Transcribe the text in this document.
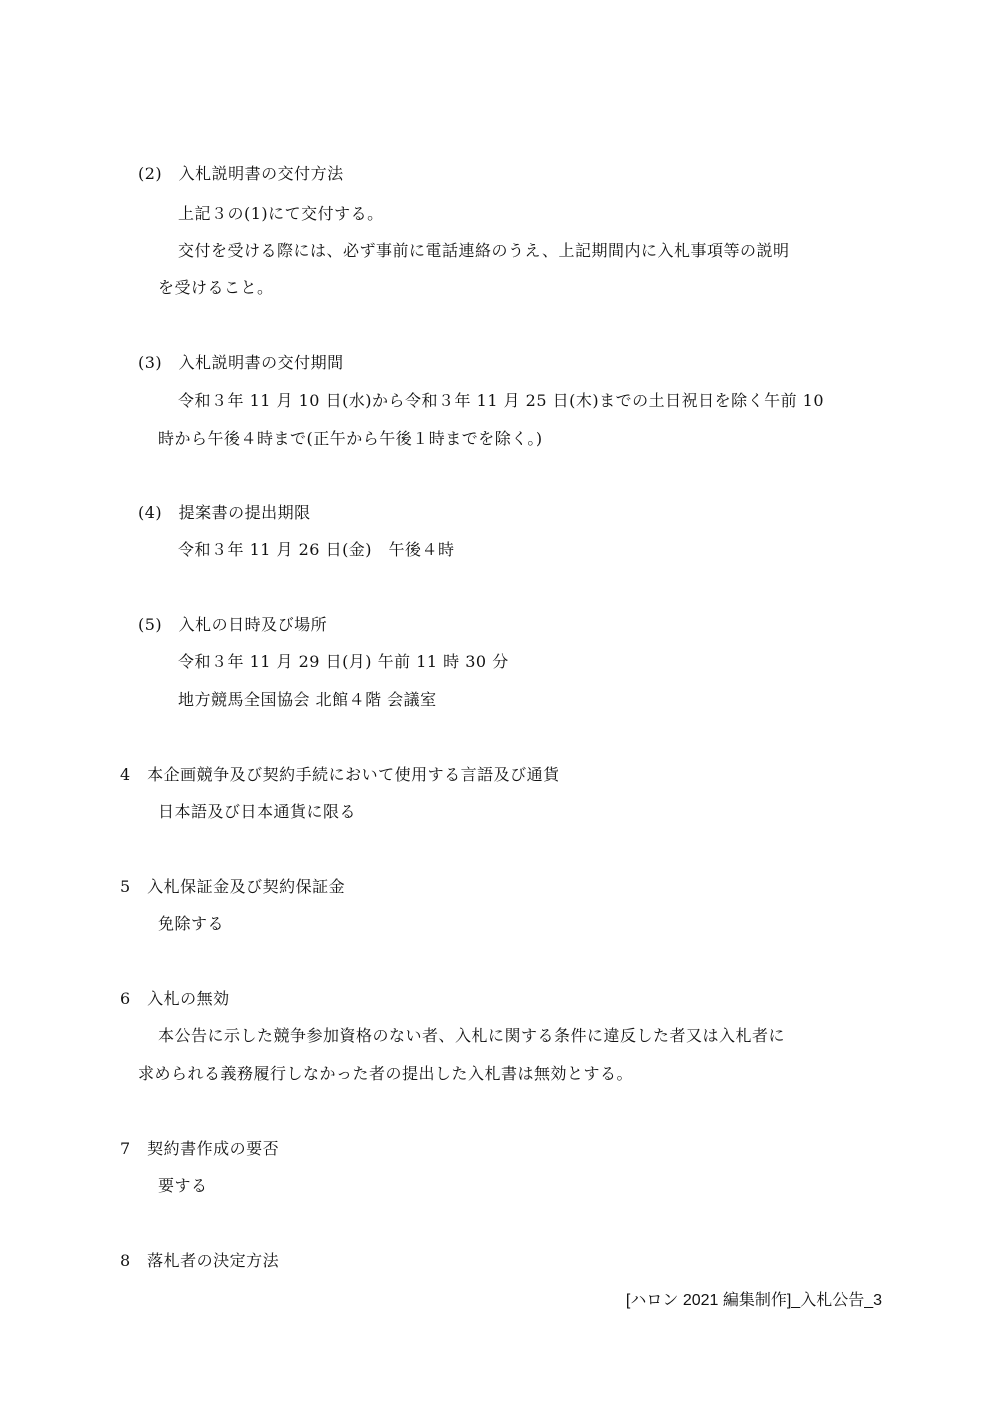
(2)　入札説明書の交付方法
上記３の(1)にて交付する。
交付を受ける際には、必ず事前に電話連絡のうえ、上記期間内に入札事項等の説明
を受けること。
(3)　入札説明書の交付期間
令和３年 11 月 10 日(水)から令和３年 11 月 25 日(木)までの土日祝日を除く午前 10
時から午後４時まで(正午から午後１時までを除く。)
(4)　提案書の提出期限
令和３年 11 月 26 日(金)　午後４時
(5)　入札の日時及び場所
令和３年 11 月 29 日(月) 午前 11 時 30 分
地方競馬全国協会 北館４階 会議室
4　本企画競争及び契約手続において使用する言語及び通貨
日本語及び日本通貨に限る
5　入札保証金及び契約保証金
免除する
6　入札の無効
本公告に示した競争参加資格のない者、入札に関する条件に違反した者又は入札者に
求められる義務履行しなかった者の提出した入札書は無効とする。
7　契約書作成の要否
要する
8　落札者の決定方法
[ハロン 2021 編集制作]_入札公告_3
